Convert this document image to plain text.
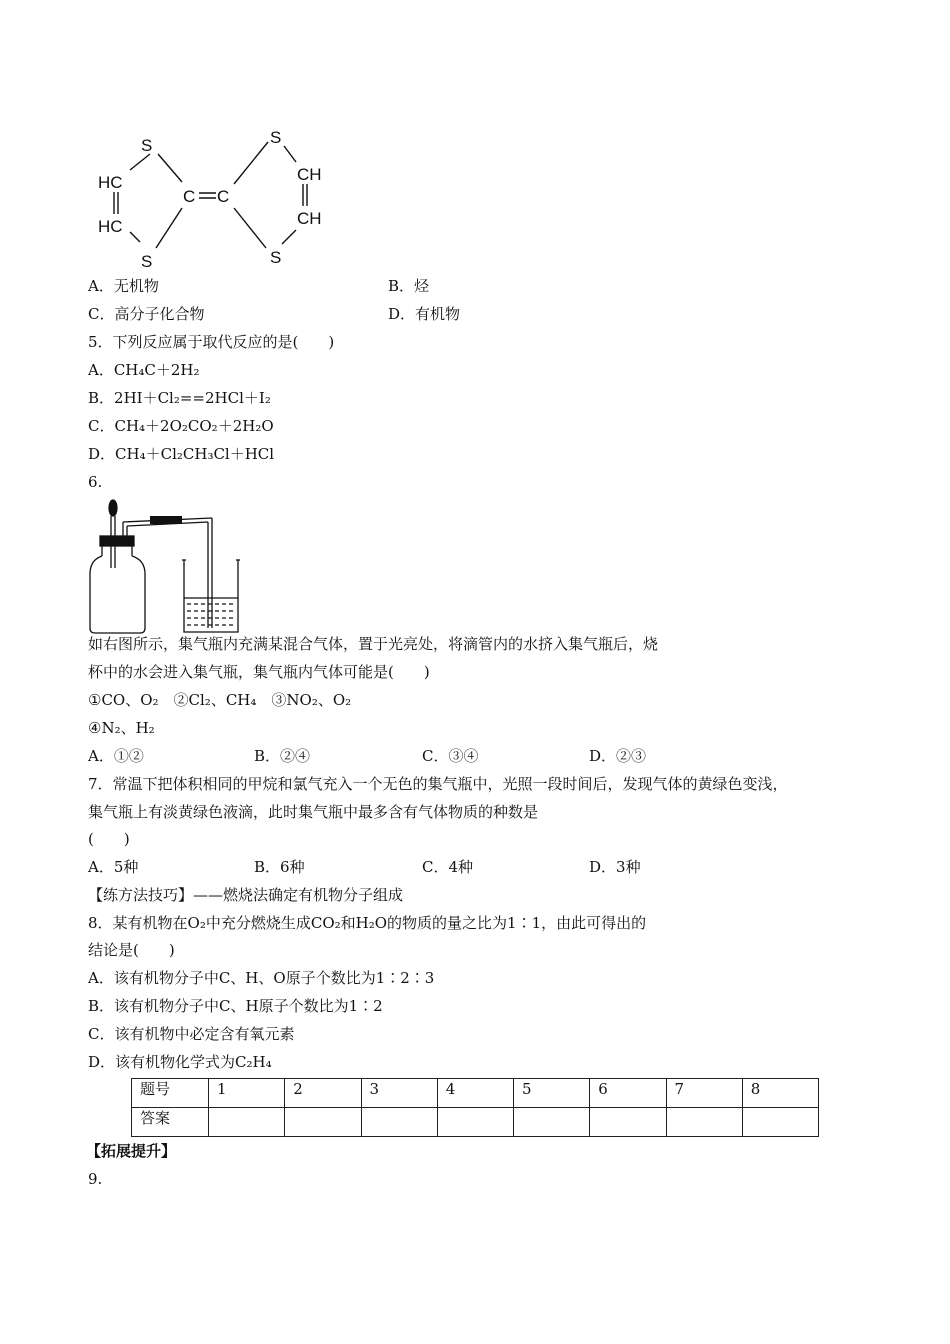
S
HC
HC
C C
S
S
CH
CH
S
A．无机物	B．烃
C．高分子化合物	D．有机物
5．下列反应属于取代反应的是(　　)
A．CH₄C＋2H₂
B．2HI＋Cl₂==2HCl＋I₂
C．CH₄＋2O₂CO₂＋2H₂O
D．CH₄＋Cl₂CH₃Cl＋HCl
6.
如右图所示，集气瓶内充满某混合气体，置于光亮处，将滴管内的水挤入集气瓶后，烧
杯中的水会进入集气瓶，集气瓶内气体可能是(　　)
①CO、O₂　②Cl₂、CH₄　③NO₂、O₂
④N₂、H₂
A．①②	B．②④	C．③④	D．②③
7．常温下把体积相同的甲烷和氯气充入一个无色的集气瓶中，光照一段时间后，发现气体的黄绿色变浅，
集气瓶上有淡黄绿色液滴，此时集气瓶中最多含有气体物质的种数是
(　　)
A．5种	B．6种	C．4种	D．3种
【练方法技巧】——燃烧法确定有机物分子组成
8．某有机物在O₂中充分燃烧生成CO₂和H₂O的物质的量之比为1∶1，由此可得出的
结论是(　　)
A．该有机物分子中C、H、O原子个数比为1∶2∶3
B．该有机物分子中C、H原子个数比为1∶2
C．该有机物中必定含有氧元素
D．该有机物化学式为C₂H₄
题号	1	2	3	4	5	6	7	8
答案								
【拓展提升】
9.
